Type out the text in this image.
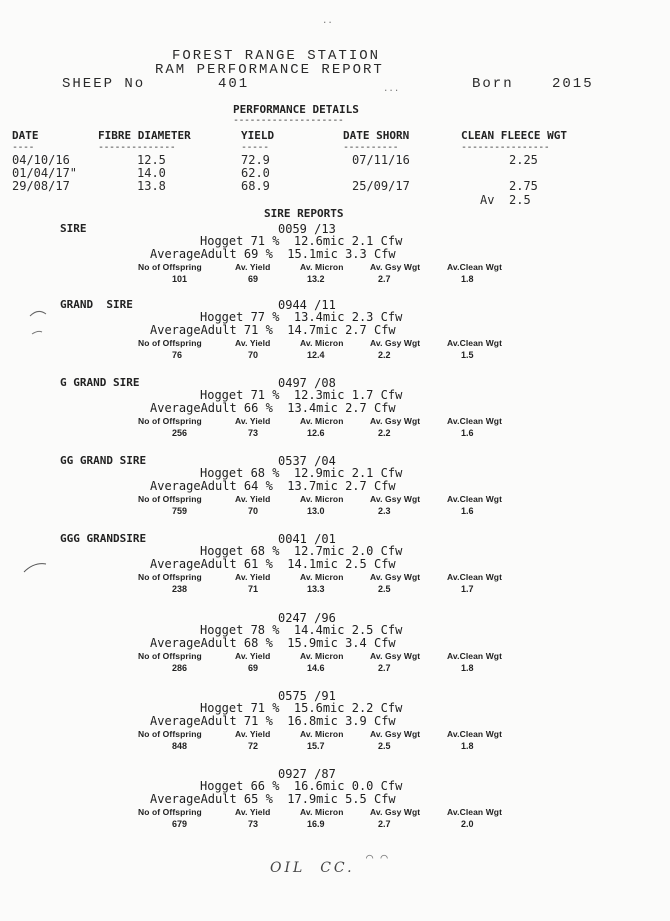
FOREST RANGE STATION
RAM PERFORMANCE REPORT
SHEEP No	401	Born	2015
...
..
PERFORMANCE DETAILS
--------------------
DATE	FIBRE DIAMETER	YIELD	DATE SHORN	CLEAN FLEECE WGT
----	--------------	-----	----------	----------------
04/10/16	12.5	72.9	07/11/16	2.25
01/04/17"	14.0	62.0
29/08/17	13.8	68.9	25/09/17	2.75
Av 2.5
SIRE REPORTS
SIRE	0059 /13
Hogget 71 %  12.6mic 2.1 Cfw
AverageAdult 69 %  15.1mic 3.3 Cfw
No of Offspring	Av. Yield	Av. Micron	Av. Gsy Wgt	Av.Clean Wgt
101	69	13.2	2.7	1.8
GRAND  SIRE	0944 /11
Hogget 77 %  13.4mic 2.3 Cfw
AverageAdult 71 %  14.7mic 2.7 Cfw
No of Offspring	Av. Yield	Av. Micron	Av. Gsy Wgt	Av.Clean Wgt
76	70	12.4	2.2	1.5
G GRAND SIRE	0497 /08
Hogget 71 %  12.3mic 1.7 Cfw
AverageAdult 66 %  13.4mic 2.7 Cfw
No of Offspring	Av. Yield	Av. Micron	Av. Gsy Wgt	Av.Clean Wgt
256	73	12.6	2.2	1.6
GG GRAND SIRE	0537 /04
Hogget 68 %  12.9mic 2.1 Cfw
AverageAdult 64 %  13.7mic 2.7 Cfw
No of Offspring	Av. Yield	Av. Micron	Av. Gsy Wgt	Av.Clean Wgt
759	70	13.0	2.3	1.6
GGG GRANDSIRE	0041 /01
Hogget 68 %  12.7mic 2.0 Cfw
AverageAdult 61 %  14.1mic 2.5 Cfw
No of Offspring	Av. Yield	Av. Micron	Av. Gsy Wgt	Av.Clean Wgt
238	71	13.3	2.5	1.7
0247 /96
Hogget 78 %  14.4mic 2.5 Cfw
AverageAdult 68 %  15.9mic 3.4 Cfw
No of Offspring	Av. Yield	Av. Micron	Av. Gsy Wgt	Av.Clean Wgt
286	69	14.6	2.7	1.8
0575 /91
Hogget 71 %  15.6mic 2.2 Cfw
AverageAdult 71 %  16.8mic 3.9 Cfw
No of Offspring	Av. Yield	Av. Micron	Av. Gsy Wgt	Av.Clean Wgt
848	72	15.7	2.5	1.8
0927 /87
Hogget 66 %  16.6mic 0.0 Cfw
AverageAdult 65 %  17.9mic 5.5 Cfw
No of Offspring	Av. Yield	Av. Micron	Av. Gsy Wgt	Av.Clean Wgt
679	73	16.9	2.7	2.0
OIL  CC.
⌒ ⌒
